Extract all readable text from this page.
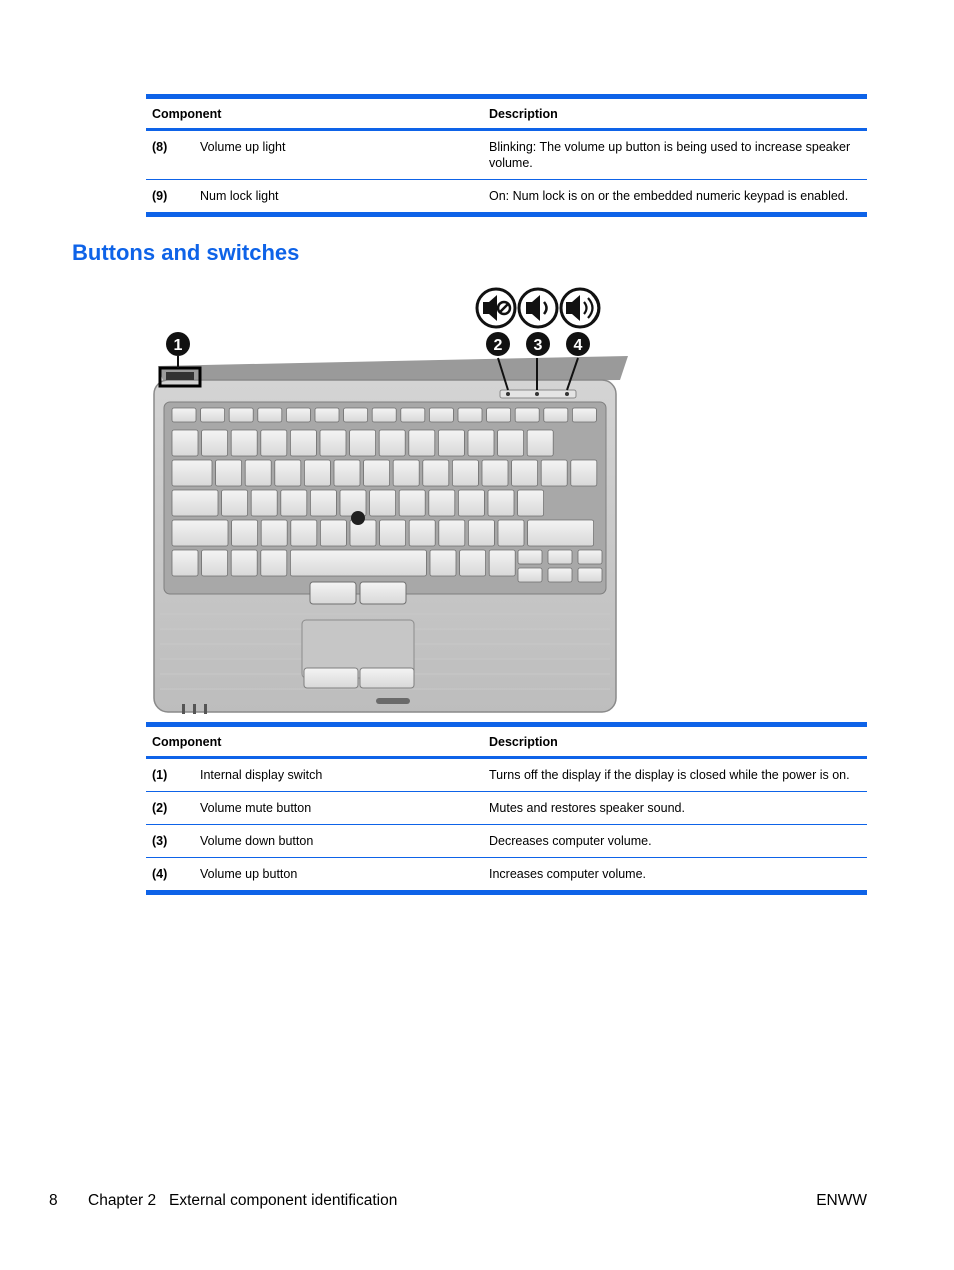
Component		Description
(8)	Volume up light	Blinking: The volume up button is being used to increase speaker volume.
(9)	Num lock light	On: Num lock is on or the embedded numeric keypad is enabled.
Buttons and switches
1	2 3 4
Component		Description
(1)	Internal display switch	Turns off the display if the display is closed while the power is on.
(2)	Volume mute button	Mutes and restores speaker sound.
(3)	Volume down button	Decreases computer volume.
(4)	Volume up button	Increases computer volume.
8 Chapter 2   External component identification	ENWW
